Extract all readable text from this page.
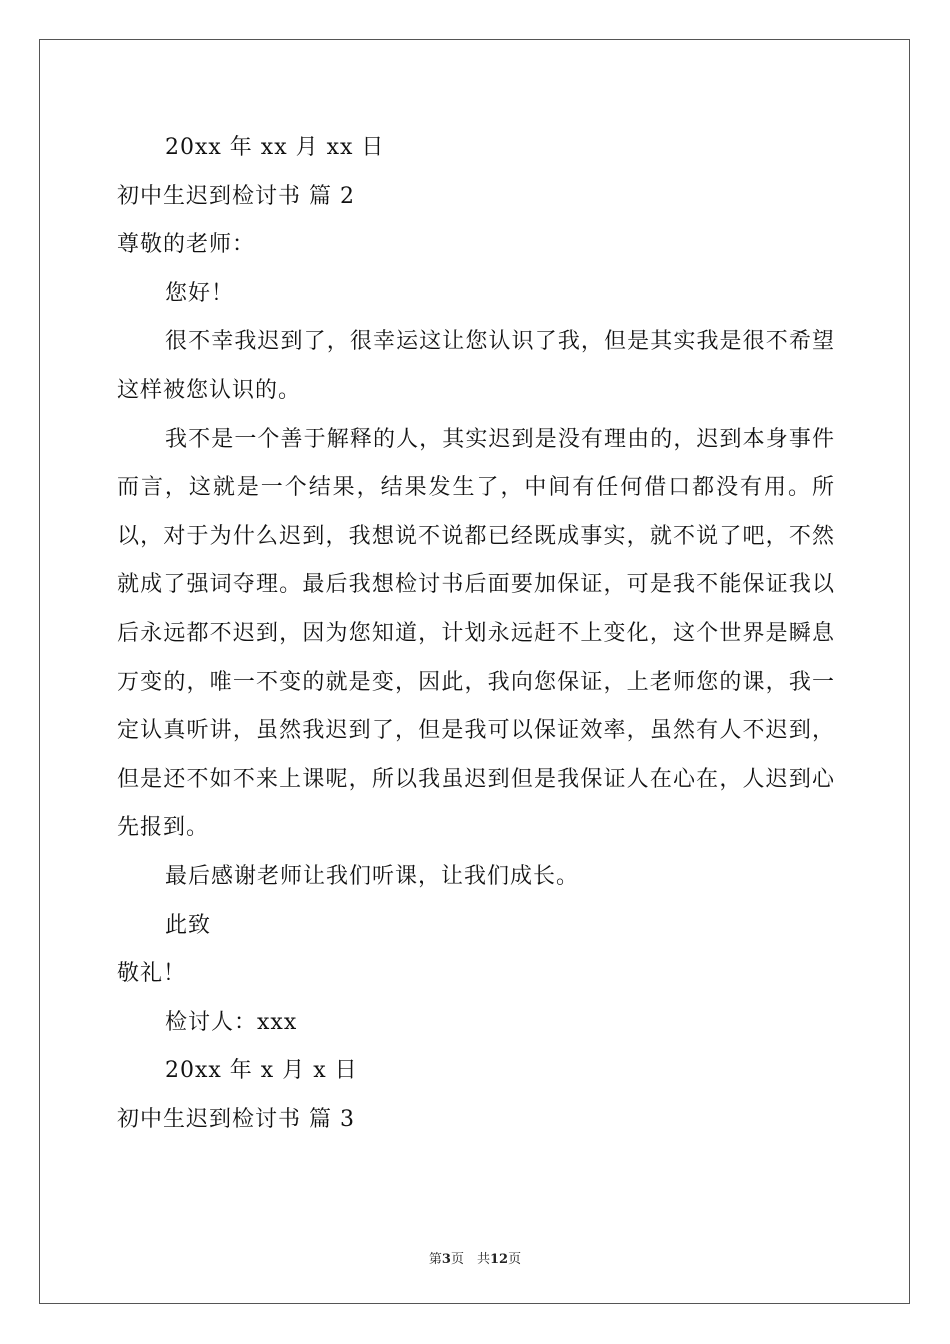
20xx 年 xx 月 xx 日
初中生迟到检讨书 篇 2
尊敬的老师：
您好！

很不幸我迟到了，很幸运这让您认识了我，但是其实我是很不希望这样被您认识的。

我不是一个善于解释的人，其实迟到是没有理由的，迟到本身事件而言，这就是一个结果，结果发生了，中间有任何借口都没有用。所以，对于为什么迟到，我想说不说都已经既成事实，就不说了吧，不然就成了强词夺理。最后我想检讨书后面要加保证，可是我不能保证我以后永远都不迟到，因为您知道，计划永远赶不上变化，这个世界是瞬息万变的，唯一不变的就是变，因此，我向您保证，上老师您的课，我一定认真听讲，虽然我迟到了，但是我可以保证效率，虽然有人不迟到，但是还不如不来上课呢，所以我虽迟到但是我保证人在心在，人迟到心先报到。

最后感谢老师让我们听课，让我们成长。

此致
敬礼！
检讨人：xxx
20xx 年 x 月 x 日
初中生迟到检讨书 篇 3
第3页　共12页
